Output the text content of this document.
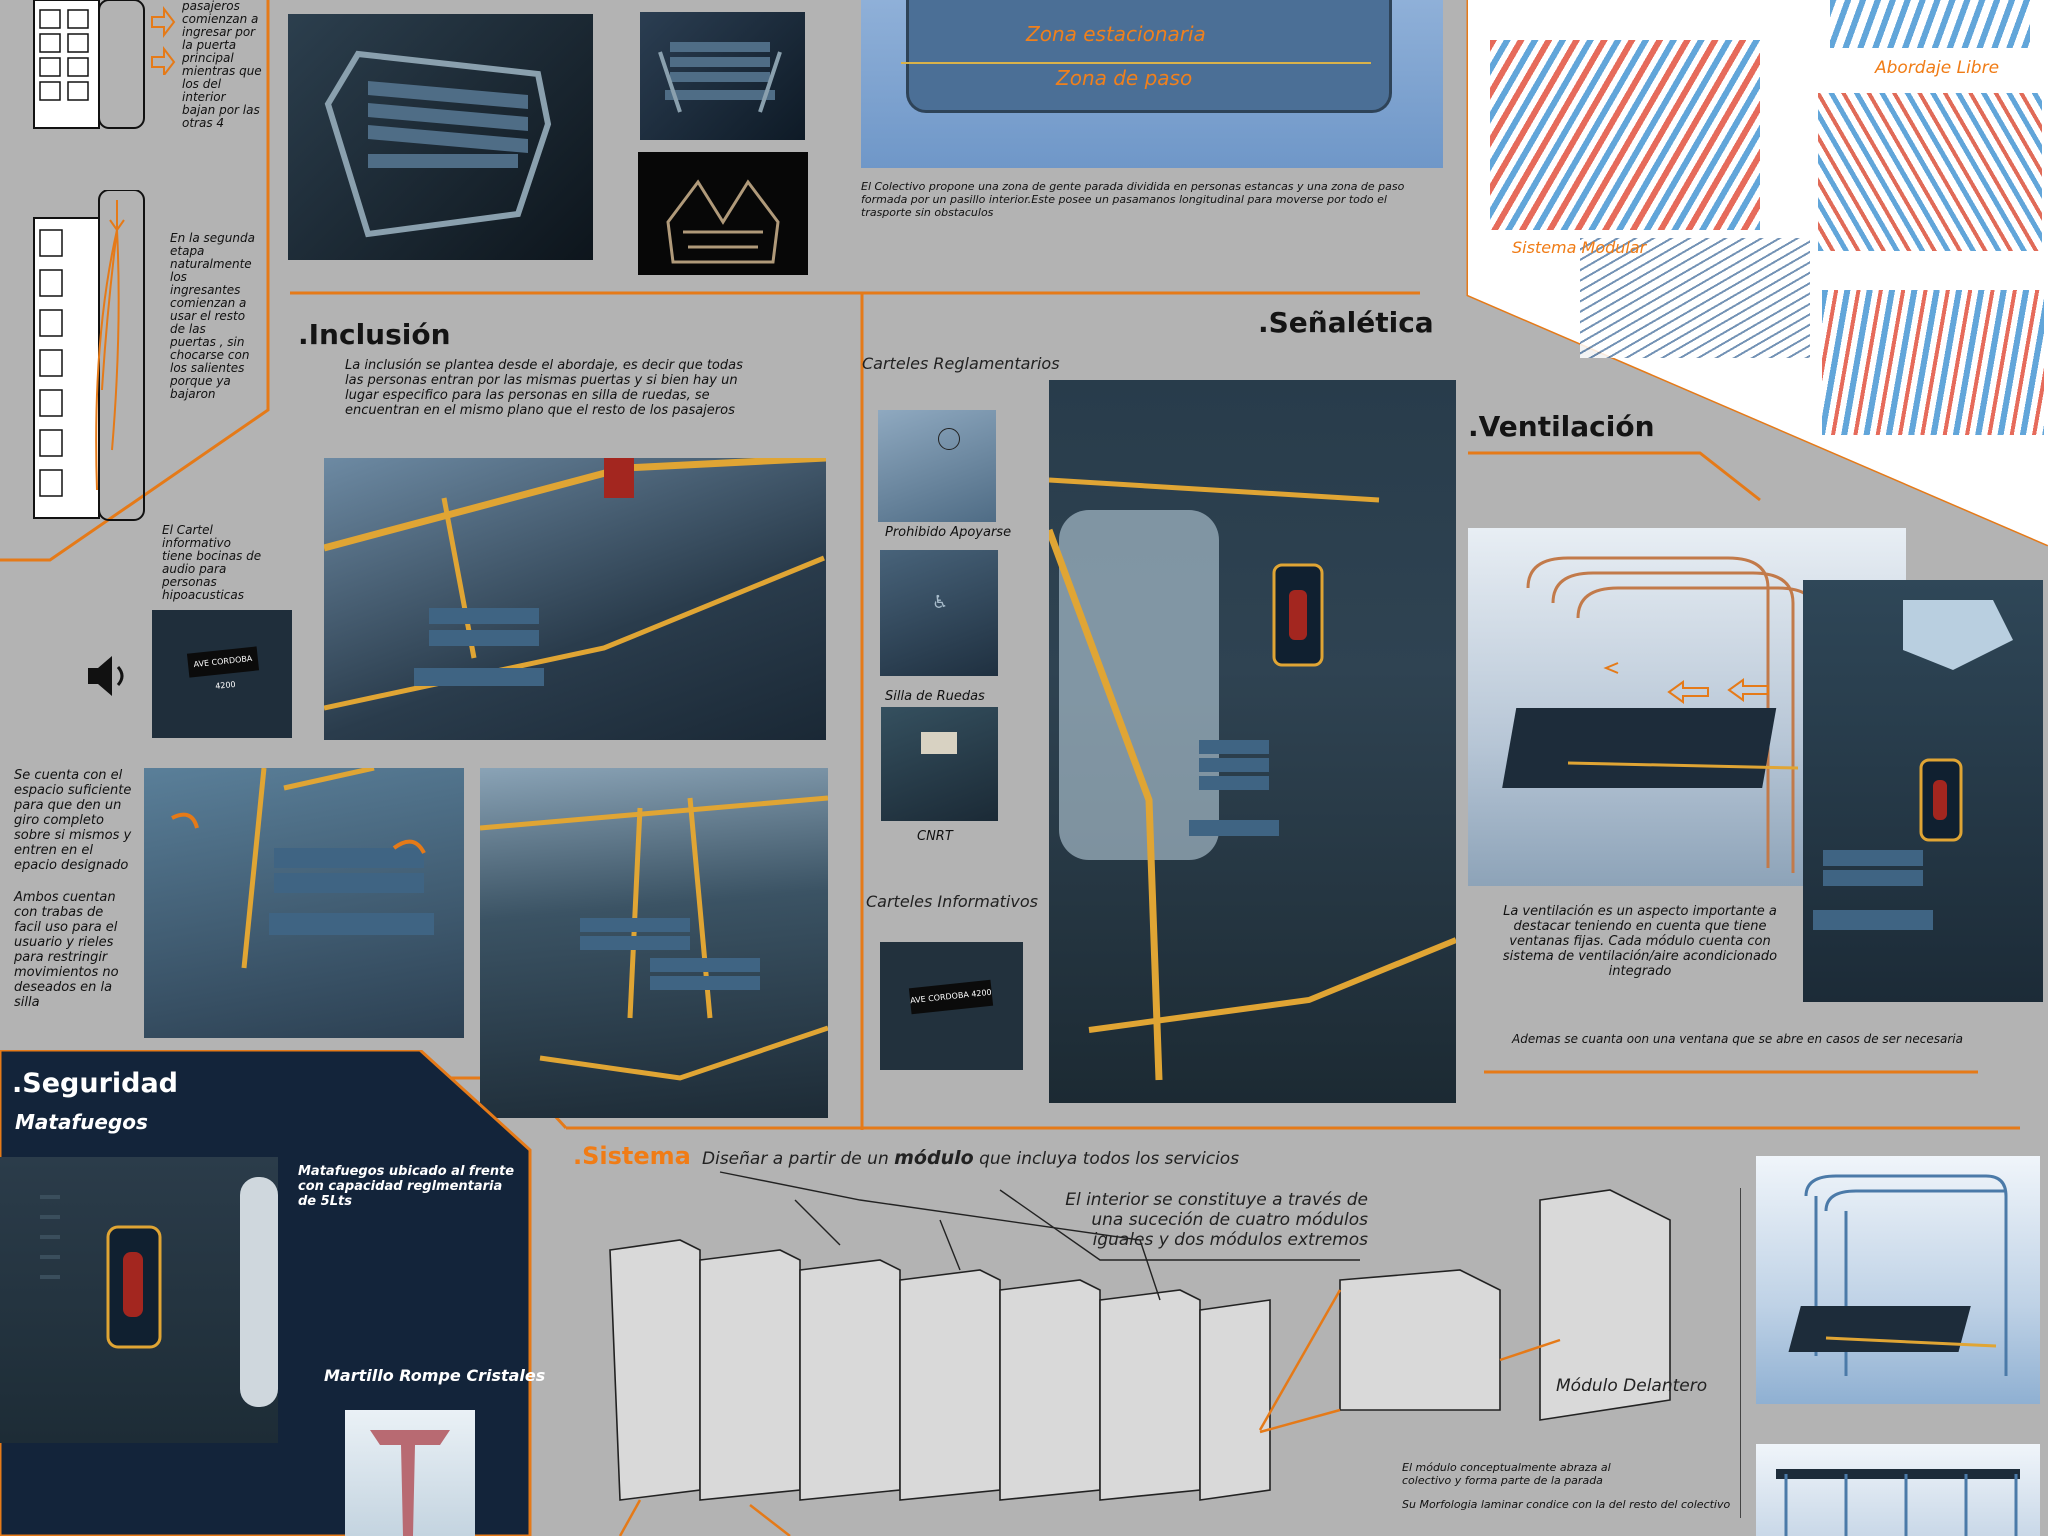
pasajeros comienzan a ingresar por la puerta principal mientras que los del interior bajan por las otras 4
En la segunda etapa naturalmente los ingresantes comienzan a usar el resto de las puertas , sin chocarse con los salientes porque ya bajaron
El Cartel informativo tiene bocinas de audio para personas hipoacusticas
AVE CORDOBA 4200
Zona estacionaria
Zona de paso
El Colectivo propone una zona de gente parada dividida en personas estancas y una zona de paso formada por un pasillo interior.Este posee un pasamanos longitudinal para moverse por todo el trasporte sin obstaculos
Abordaje Libre
Sistema Modular
.Inclusión
La inclusión se plantea desde el abordaje, es decir que todas las personas entran por las mismas puertas y si bien hay un lugar especifico para las personas en silla de ruedas, se encuentran en el mismo plano que el resto de los pasajeros
Se cuenta con el espacio suficiente para que den un giro completo sobre si mismos y entren en el epacio designado
Ambos cuentan con trabas de facil uso para el usuario y rieles para restringir movimientos no deseados en la silla
.Señalética
Carteles Reglamentarios
Prohibido Apoyarse
♿
Silla de Ruedas
CNRT
Carteles Informativos
AVE CORDOBA 4200
.Ventilación
La ventilación es un aspecto importante a destacar teniendo en cuenta que tiene ventanas fijas. Cada módulo cuenta con sistema de ventilación/aire acondicionado integrado
Ademas se cuanta oon una ventana que se abre en casos de ser necesaria
.Seguridad
Matafuegos
Matafuegos ubicado al frente con capacidad reglmentaria de 5Lts
Martillo Rompe Cristales
.Sistema Diseñar a partir de un módulo que incluya todos los servicios
El interior se constituye a través de una suceción de cuatro módulos iguales y dos módulos extremos
Módulo Delantero
El módulo conceptualmente abraza al colectivo y forma parte de la parada
Su Morfologia laminar condice con la del resto del colectivo
